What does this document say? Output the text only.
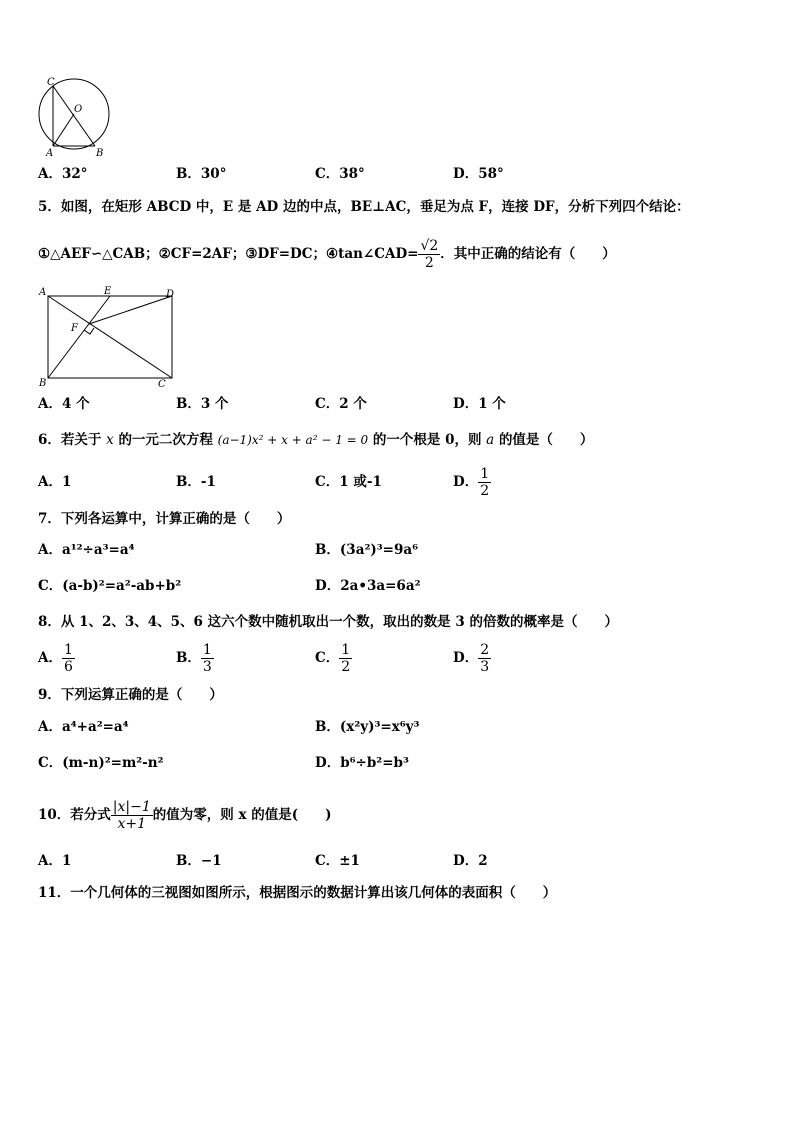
C
O
A	B
A．32°	B．30°	C．38°	D．58°
5．如图，在矩形 ABCD 中，E 是 AD 边的中点，BE⊥AC，垂足为点 F，连接 DF，分析下列四个结论：
①△AEF∽△CAB；②CF=2AF；③DF=DC；④tan∠CAD= $\frac{√2}{2}$ ．其中正确的结论有（　　）
A	E	D
F
B	C
A．4 个	B．3 个	C．2 个	D．1 个
6．若关于 x 的一元二次方程 (a−1)x² + x + a² − 1 = 0 的一个根是 0，则 a 的值是（　　）
A．1	B．-1	C．1 或-1	D． $\frac{1}{2}$
7．下列各运算中，计算正确的是（　　）
A．a¹²÷a³=a⁴	B．(3a²)³=9a⁶
C．(a-b)²=a²-ab+b²	D．2a•3a=6a²
8．从 1、2、3、4、5、6 这六个数中随机取出一个数，取出的数是 3 的倍数的概率是（　　）
A． $\frac{1}{6}$	B． $\frac{1}{3}$	C． $\frac{1}{2}$	D． $\frac{2}{3}$
9．下列运算正确的是（　　）
A．a⁴+a²=a⁴	B．(x²y)³=x⁶y³
C．(m-n)²=m²-n²	D．b⁶÷b²=b³
10．若分式 $\frac{|x|-1}{x+1}$ 的值为零，则 x 的值是(　　)
A．1	B．−1	C．±1	D．2
11．一个几何体的三视图如图所示，根据图示的数据计算出该几何体的表面积（　　）
